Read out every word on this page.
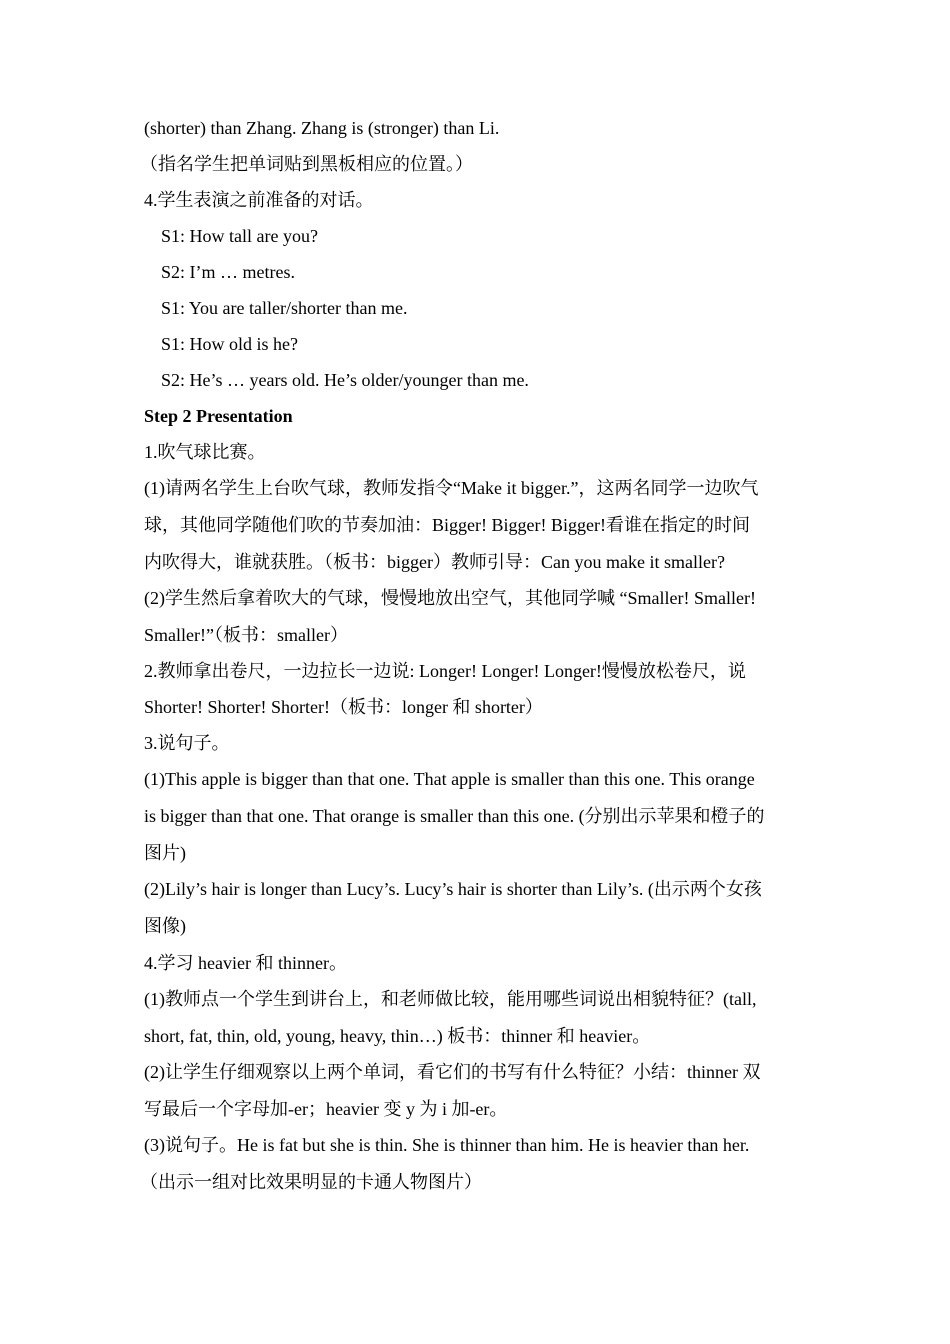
(shorter) than Zhang. Zhang is (stronger) than Li.
（指名学生把单词贴到黑板相应的位置。）
4.学生表演之前准备的对话。
S1: How tall are you?
S2: I’m … metres.
S1: You are taller/shorter than me.
S1: How old is he?
S2: He’s … years old. He’s older/younger than me.
Step 2 Presentation
1.吹气球比赛。
(1)请两名学生上台吹气球，教师发指令“Make it bigger.”，这两名同学一边吹气
球，其他同学随他们吹的节奏加油：Bigger! Bigger! Bigger!看谁在指定的时间
内吹得大，谁就获胜。（板书：bigger）教师引导：Can you make it smaller?
(2)学生然后拿着吹大的气球，慢慢地放出空气，其他同学喊 “Smaller! Smaller!
Smaller!”（板书：smaller）
2.教师拿出卷尺，一边拉长一边说: Longer! Longer! Longer!慢慢放松卷尺，说
Shorter! Shorter! Shorter!（板书：longer 和 shorter）
3.说句子。
(1)This apple is bigger than that one. That apple is smaller than this one. This orange
is bigger than that one. That orange is smaller than this one. (分别出示苹果和橙子的
图片)
(2)Lily’s hair is longer than Lucy’s. Lucy’s hair is shorter than Lily’s. (出示两个女孩
图像)
4.学习 heavier 和 thinner。
(1)教师点一个学生到讲台上，和老师做比较，能用哪些词说出相貌特征？(tall,
short, fat, thin, old, young, heavy, thin…) 板书：thinner 和 heavier。
(2)让学生仔细观察以上两个单词，看它们的书写有什么特征？小结：thinner 双
写最后一个字母加-er；heavier 变 y 为 i 加-er。
(3)说句子。He is fat but she is thin. She is thinner than him. He is heavier than her.
（出示一组对比效果明显的卡通人物图片）
